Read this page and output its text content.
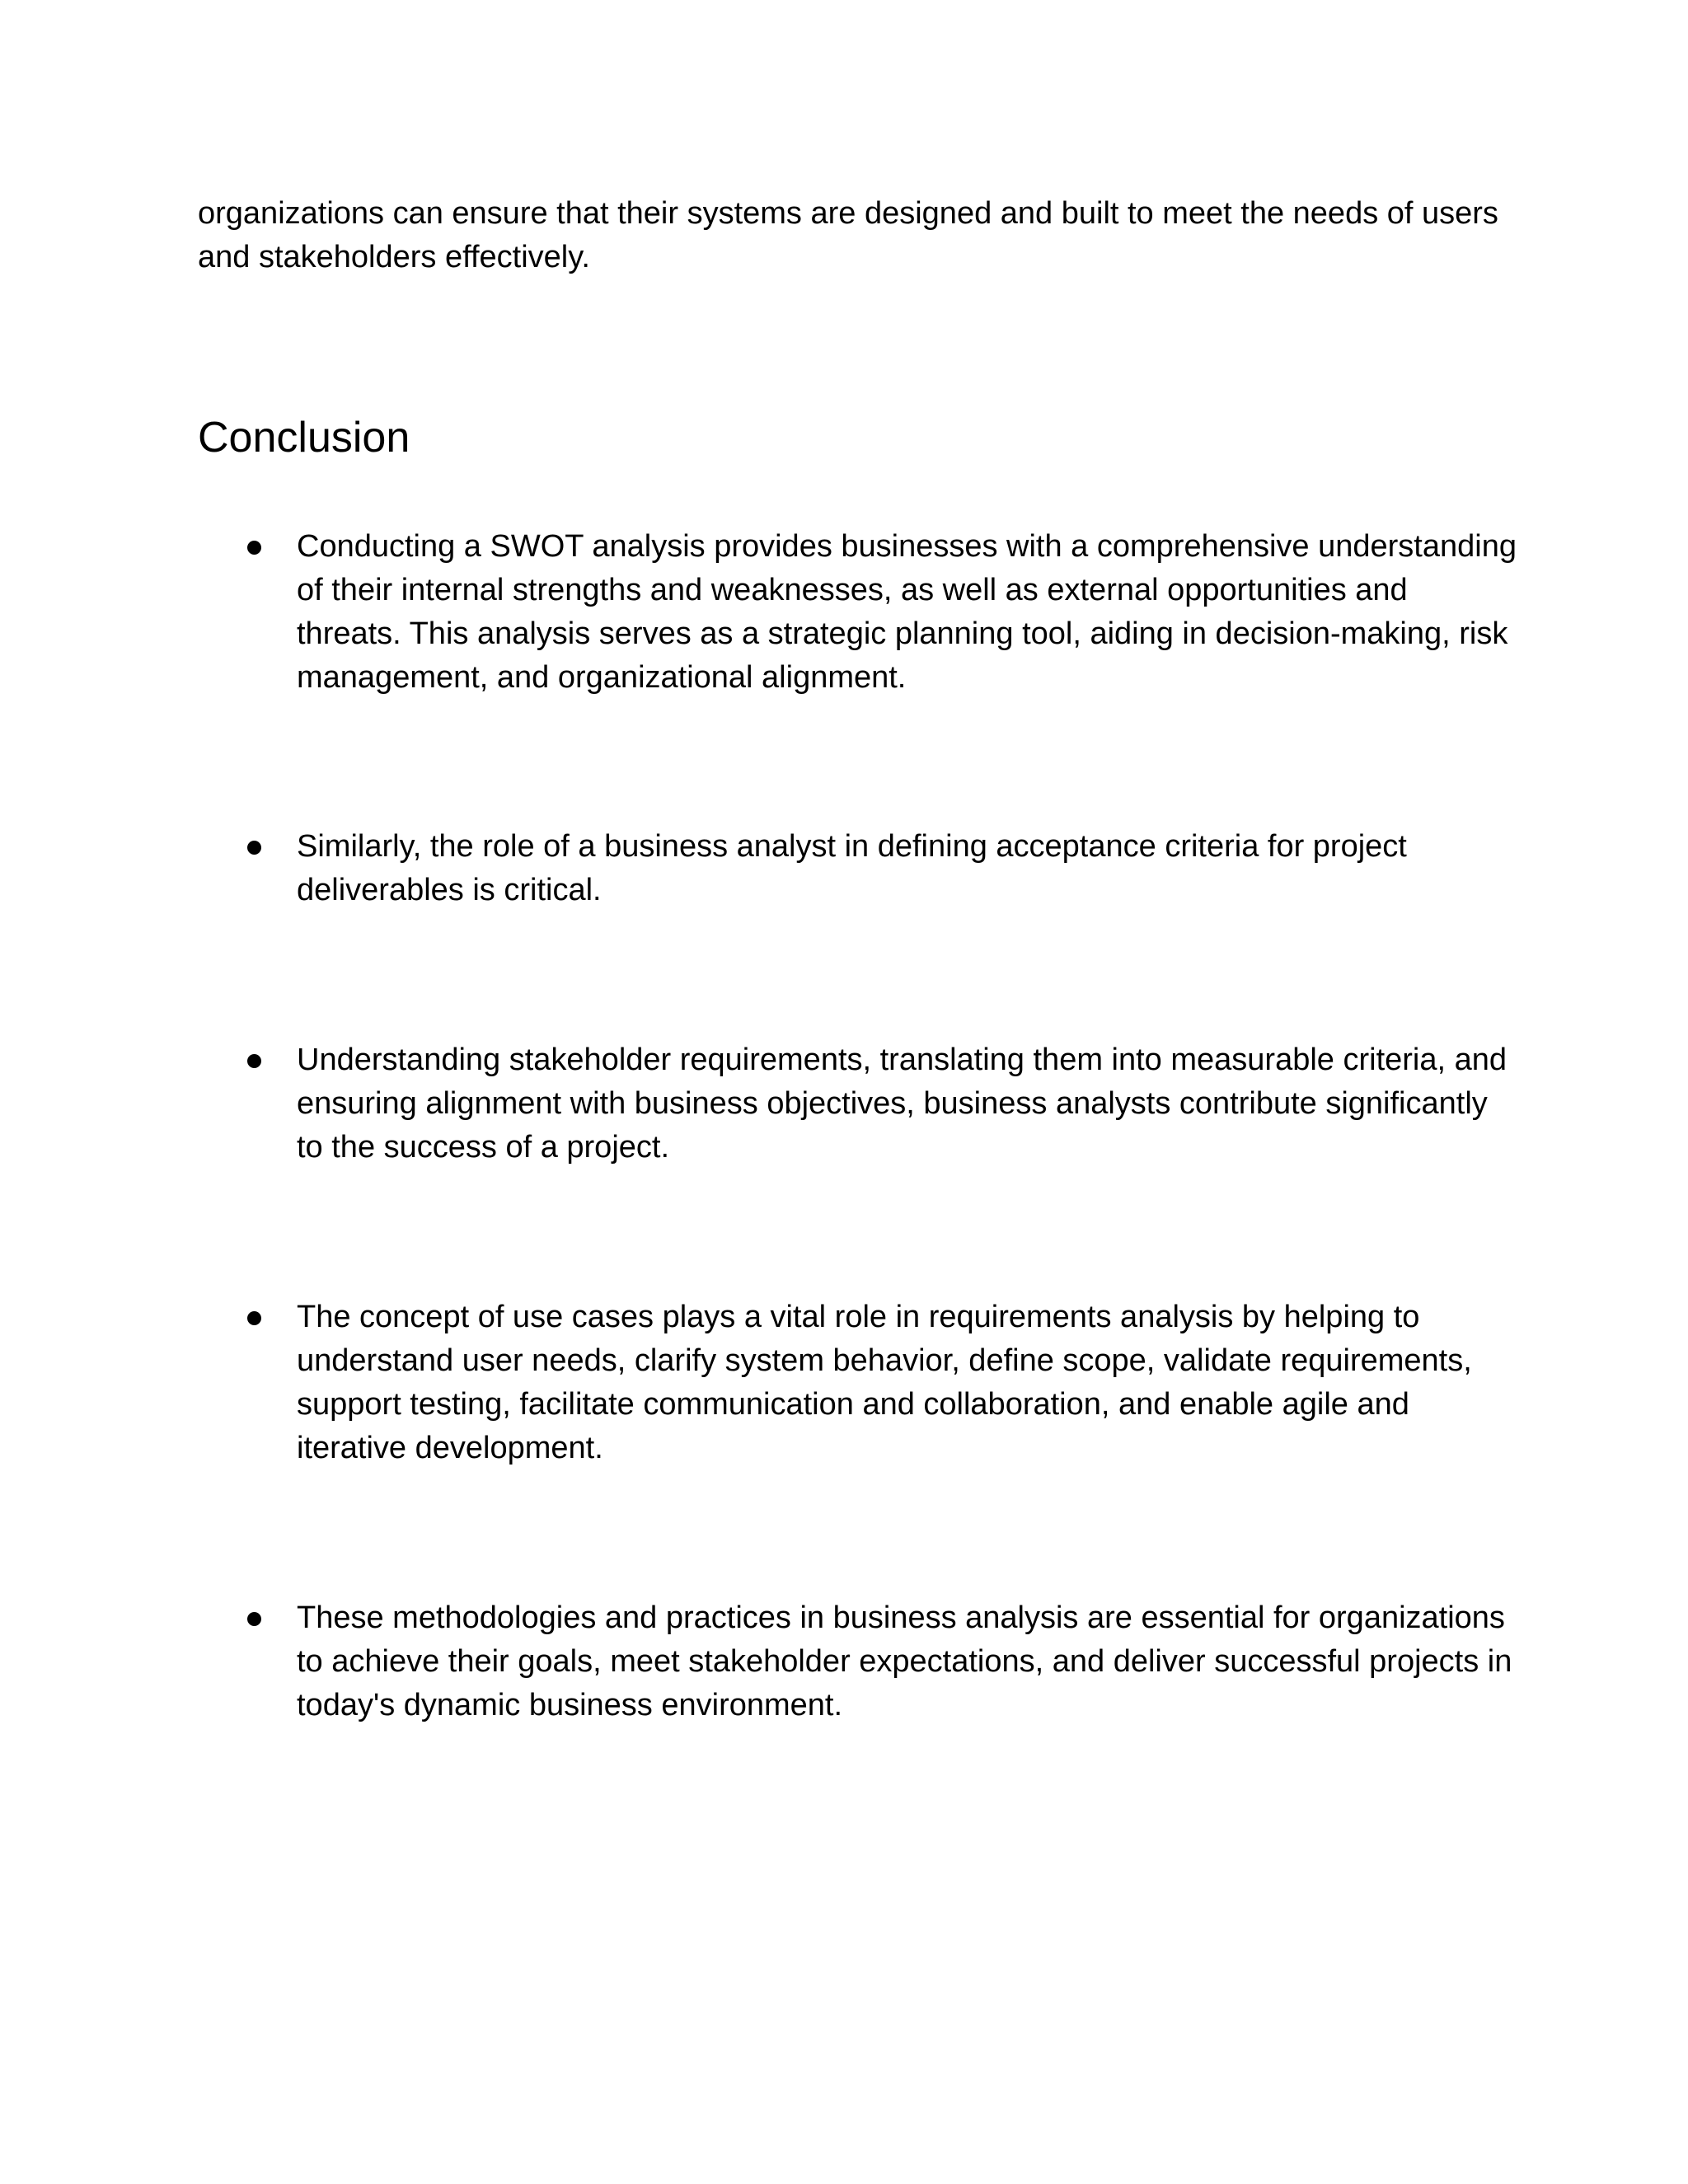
organizations can ensure that their systems are designed and built to meet the needs of users and stakeholders effectively.

Conclusion

Conducting a SWOT analysis provides businesses with a comprehensive understanding of their internal strengths and weaknesses, as well as external opportunities and threats. This analysis serves as a strategic planning tool, aiding in decision-making, risk management, and organizational alignment.

Similarly, the role of a business analyst in defining acceptance criteria for project deliverables is critical.

Understanding stakeholder requirements, translating them into measurable criteria, and ensuring alignment with business objectives, business analysts contribute significantly to the success of a project.

The concept of use cases plays a vital role in requirements analysis by helping to understand user needs, clarify system behavior, define scope, validate requirements, support testing, facilitate communication and collaboration, and enable agile and iterative development.

These methodologies and practices in business analysis are essential for organizations to achieve their goals, meet stakeholder expectations, and deliver successful projects in today's dynamic business environment.
